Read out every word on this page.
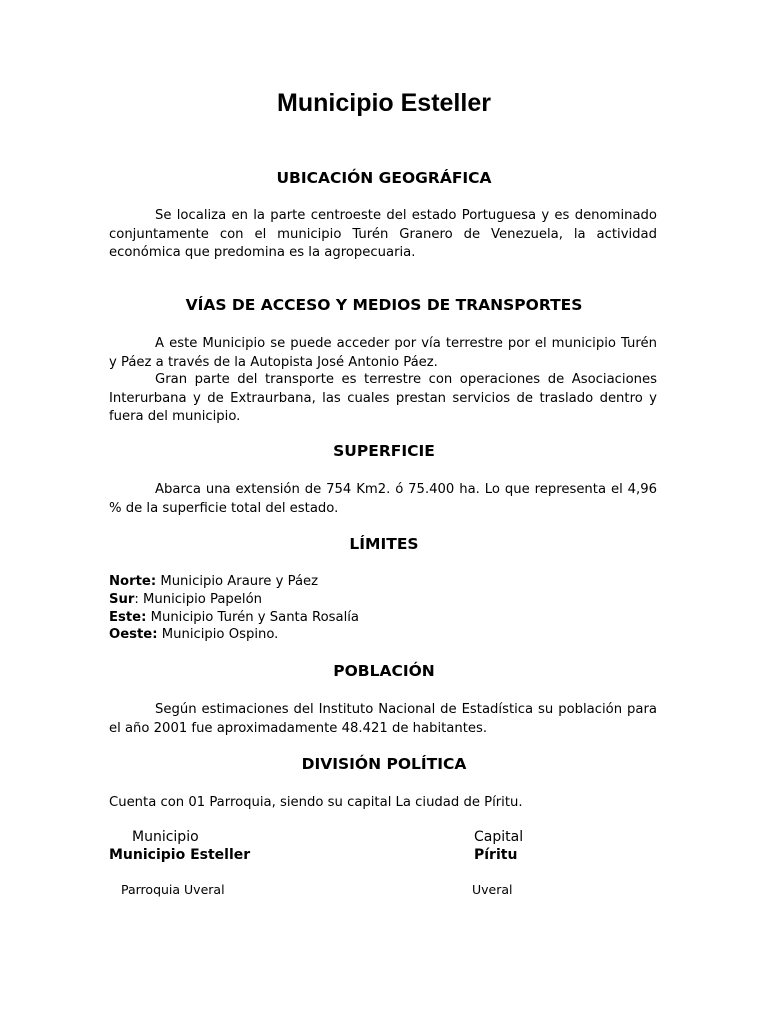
Municipio Esteller
UBICACIÓN GEOGRÁFICA
Se localiza en la parte centroeste del estado Portuguesa y es denominado conjuntamente con el municipio Turén Granero de Venezuela, la actividad económica que predomina es la agropecuaria.
VÍAS DE ACCESO Y MEDIOS DE TRANSPORTES
A este Municipio se puede acceder por vía terrestre por el municipio Turén y Páez a través de la Autopista José Antonio Páez.
Gran parte del transporte es terrestre con operaciones de Asociaciones Interurbana y de Extraurbana, las cuales prestan servicios de traslado dentro y fuera del municipio.
SUPERFICIE
Abarca una extensión de 754 Km2. ó 75.400 ha. Lo que representa el 4,96 % de la superficie total del estado.
LÍMITES
Norte: Municipio Araure y Páez
Sur: Municipio Papelón
Este: Municipio Turén y Santa Rosalía
Oeste: Municipio Ospino.
POBLACIÓN
Según estimaciones del Instituto Nacional de Estadística su población para el año 2001 fue aproximadamente 48.421 de habitantes.
DIVISIÓN POLÍTICA
Cuenta con 01 Parroquia, siendo su capital La ciudad de Píritu.
Municipio	Capital
Municipio Esteller	Píritu
Parroquia Uveral	Uveral
